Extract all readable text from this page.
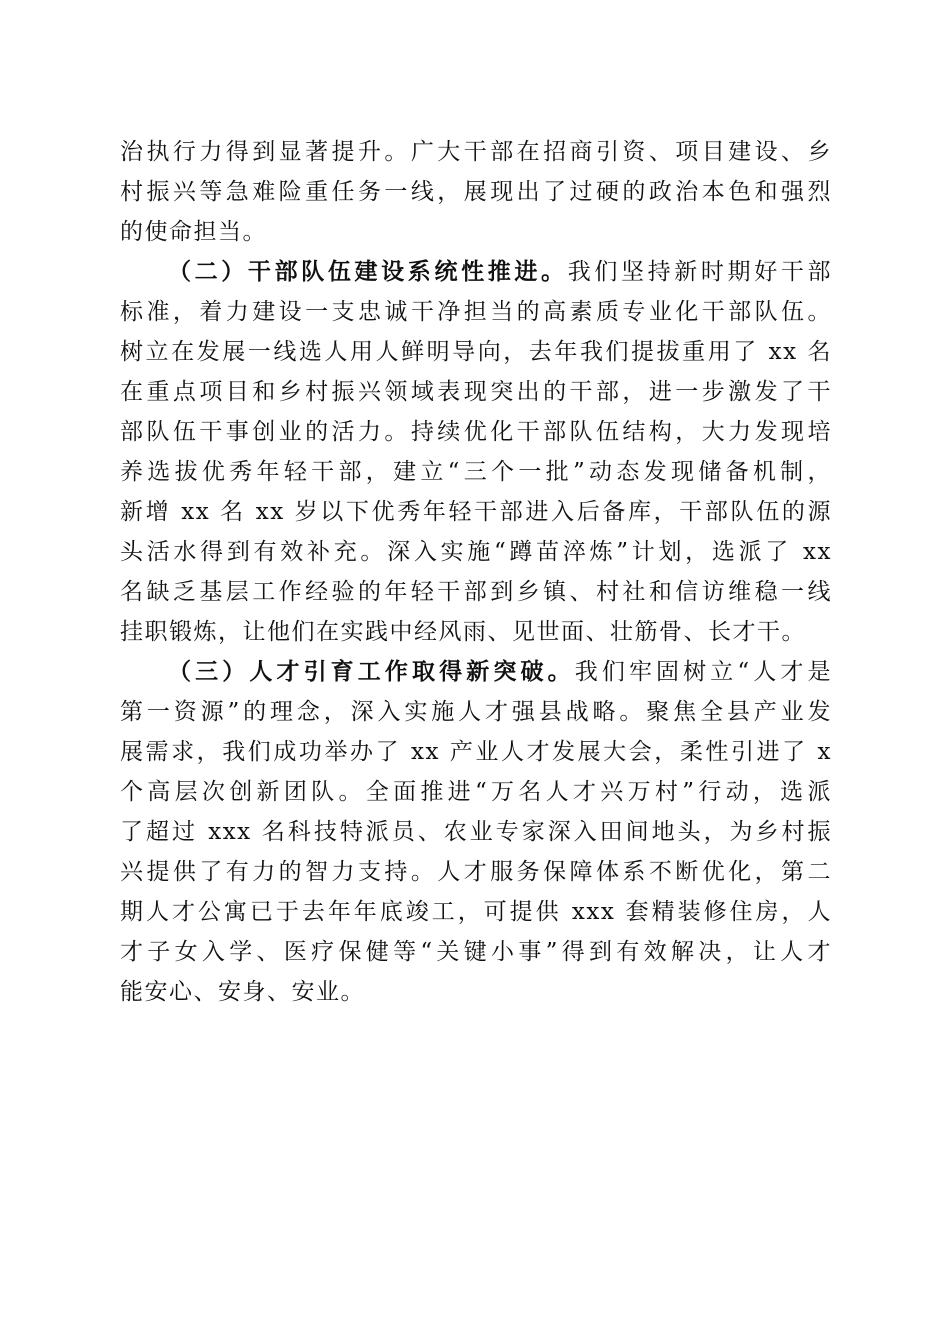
治执行力得到显著提升。广大干部在招商引资、项目建设、乡
村振兴等急难险重任务一线，展现出了过硬的政治本色和强烈
的使命担当。
（二）干部队伍建设系统性推进。我们坚持新时期好干部
标准，着力建设一支忠诚干净担当的高素质专业化干部队伍。
树立在发展一线选人用人鲜明导向，去年我们提拔重用了 xx 名
在重点项目和乡村振兴领域表现突出的干部，进一步激发了干
部队伍干事创业的活力。持续优化干部队伍结构，大力发现培
养选拔优秀年轻干部，建立“三个一批”动态发现储备机制，
新增 xx 名 xx 岁以下优秀年轻干部进入后备库，干部队伍的源
头活水得到有效补充。深入实施“蹲苗淬炼”计划，选派了 xx
名缺乏基层工作经验的年轻干部到乡镇、村社和信访维稳一线
挂职锻炼，让他们在实践中经风雨、见世面、壮筋骨、长才干。
（三）人才引育工作取得新突破。我们牢固树立“人才是
第一资源”的理念，深入实施人才强县战略。聚焦全县产业发
展需求，我们成功举办了 xx 产业人才发展大会，柔性引进了 x
个高层次创新团队。全面推进“万名人才兴万村”行动，选派
了超过 xxx 名科技特派员、农业专家深入田间地头，为乡村振
兴提供了有力的智力支持。人才服务保障体系不断优化，第二
期人才公寓已于去年年底竣工，可提供 xxx 套精装修住房，人
才子女入学、医疗保健等“关键小事”得到有效解决，让人才
能安心、安身、安业。
